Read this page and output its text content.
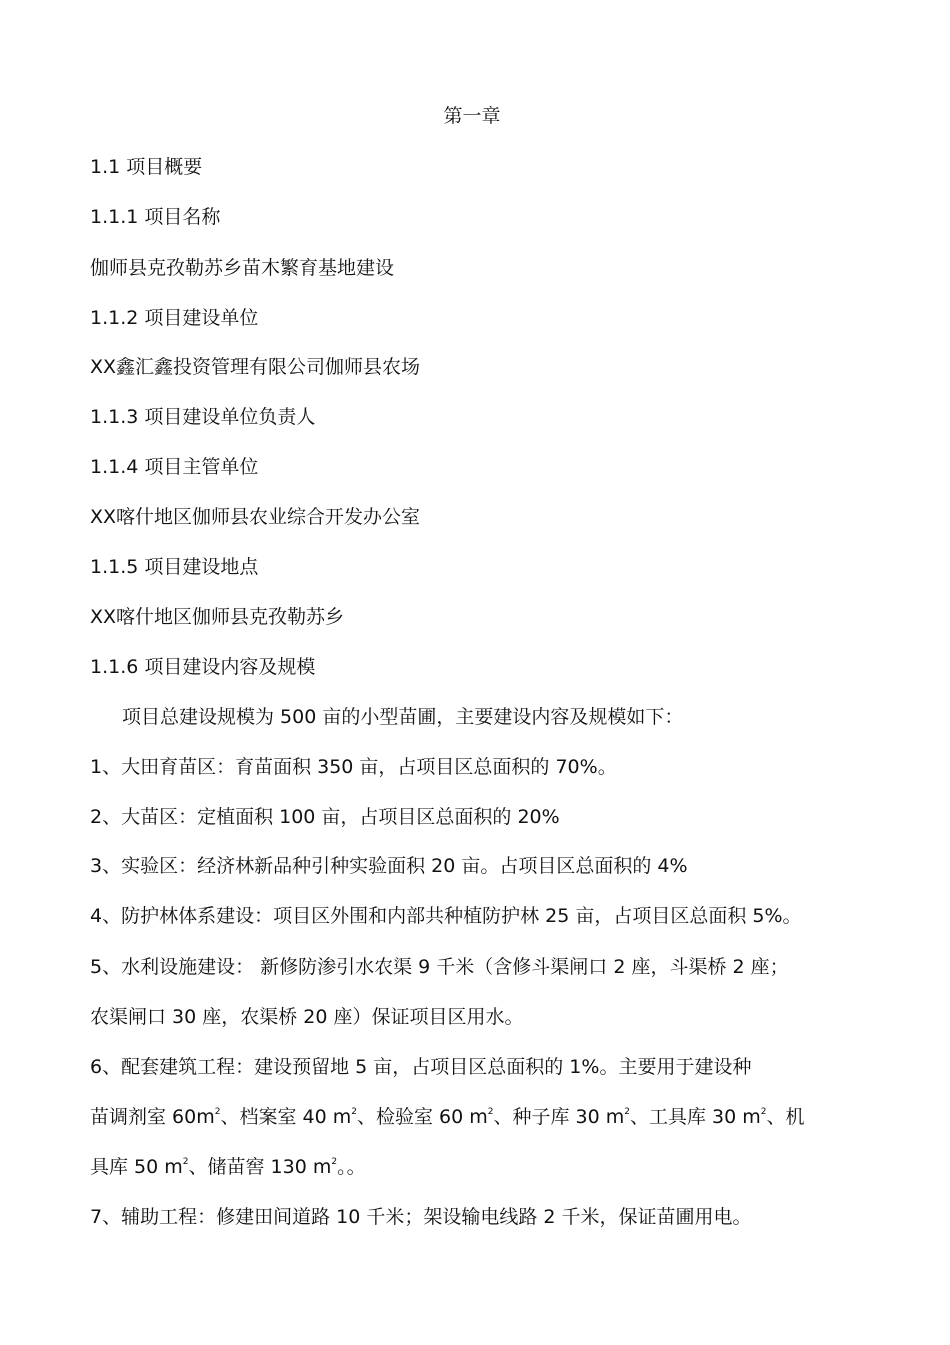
第一章

1.1 项目概要

1.1.1 项目名称

伽师县克孜勒苏乡苗木繁育基地建设

1.1.2 项目建设单位

XX鑫汇鑫投资管理有限公司伽师县农场

1.1.3 项目建设单位负责人

1.1.4 项目主管单位

XX喀什地区伽师县农业综合开发办公室

1.1.5 项目建设地点

XX喀什地区伽师县克孜勒苏乡

1.1.6 项目建设内容及规模

项目总建设规模为 500 亩的小型苗圃，主要建设内容及规模如下：

1、大田育苗区：育苗面积 350 亩，占项目区总面积的 70%。

2、大苗区：定植面积 100 亩，占项目区总面积的 20%

3、实验区：经济林新品种引种实验面积 20 亩。占项目区总面积的 4%

4、防护林体系建设：项目区外围和内部共种植防护林 25 亩，占项目区总面积 5%。

5、水利设施建设： 新修防渗引水农渠 9 千米（含修斗渠闸口 2 座，斗渠桥 2 座；

农渠闸口 30 座，农渠桥 20 座）保证项目区用水。

6、配套建筑工程：建设预留地 5 亩，占项目区总面积的 1%。主要用于建设种

苗调剂室 $60m^2$、档案室 40 $m^2$、检验室 60 $m^2$、种子库 30 $m^2$、工具库 30 $m^2$、机

具库 50 $m^2$、储苗窖 130 $m^2$。。

7、辅助工程：修建田间道路 10 千米；架设输电线路 2 千米，保证苗圃用电。
